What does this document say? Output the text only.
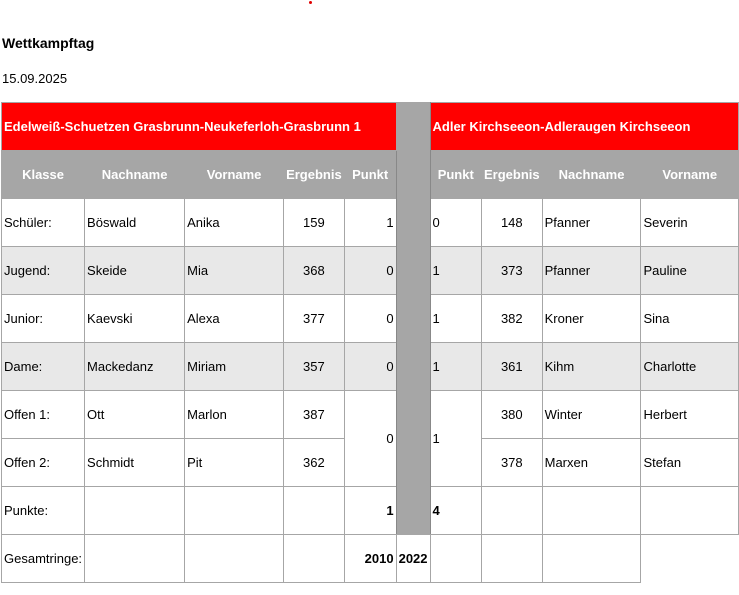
Wettkampftag
15.09.2025
Edelweiß-Schuetzen Grasbrunn-Neukeferloh-Grasbrunn 1						Adler Kirchseeon-Adleraugen Kirchseeon			
Klasse	Nachname	Vorname	Ergebnis	Punkt		Punkt	Ergebnis	Nachname	Vorname
Schüler:	Böswald	Anika	159	1		0	148	Pfanner	Severin
Jugend:	Skeide	Mia	368	0		1	373	Pfanner	Pauline
Junior:	Kaevski	Alexa	377	0		1	382	Kroner	Sina
Dame:	Mackedanz	Miriam	357	0		1	361	Kihm	Charlotte
Offen 1:	Ott	Marlon	387	0		1	380	Winter	Herbert
Offen 2:	Schmidt	Pit	362				378	Marxen	Stefan
Punkte:				1		4			
Gesamtringe:				2010	2022				
